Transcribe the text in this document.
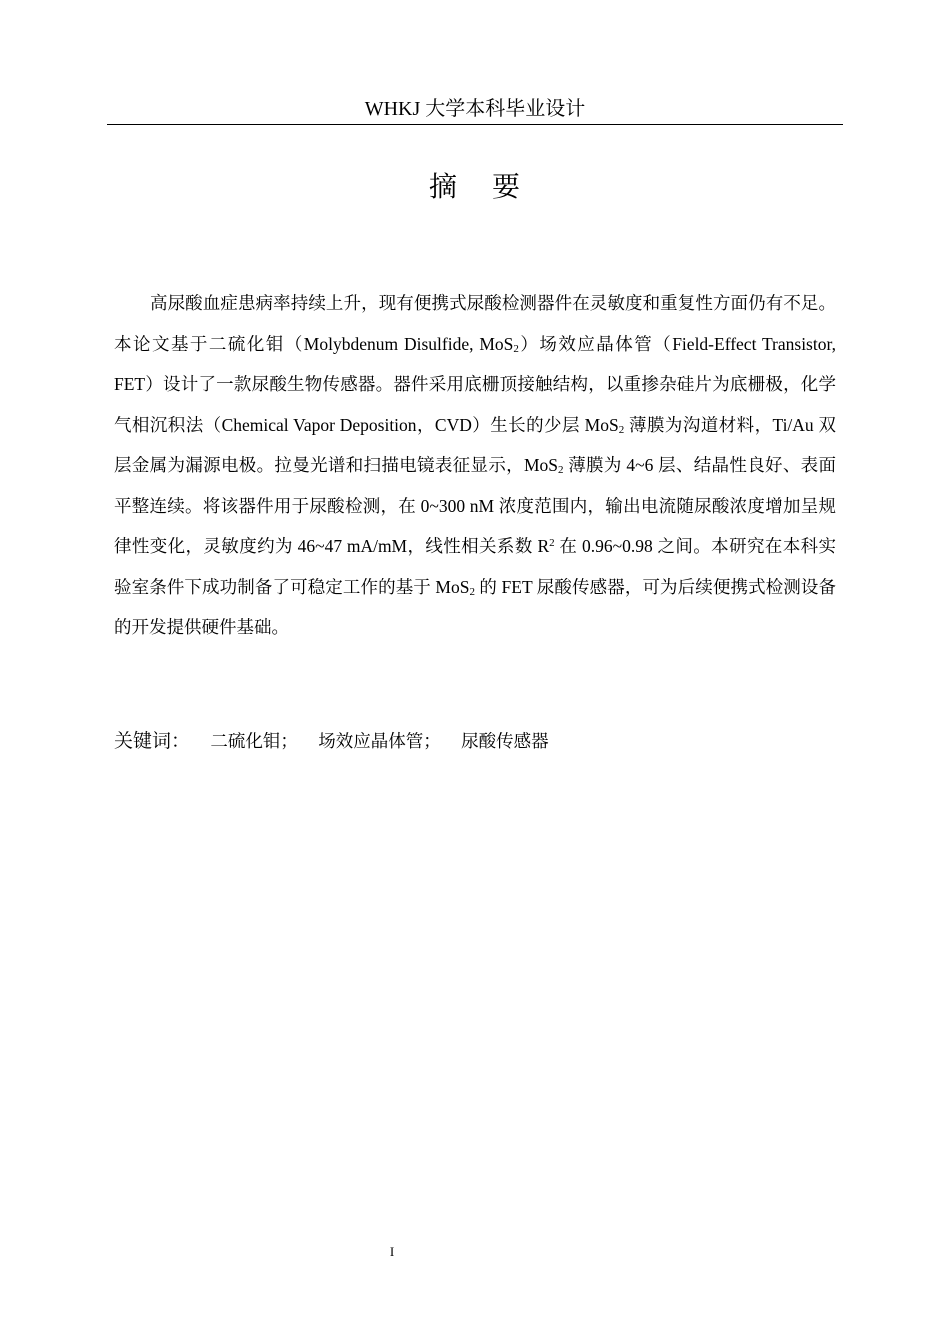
WHKJ 大学本科毕业设计
摘 要

高尿酸血症患病率持续上升，现有便携式尿酸检测器件在灵敏度和重复性方面仍有不足。本论文基于二硫化钼（Molybdenum Disulfide, MoS$_2$）场效应晶体管（Field-Effect Transistor, FET）设计了一款尿酸生物传感器。器件采用底栅顶接触结构，以重掺杂硅片为底栅极，化学气相沉积法（Chemical Vapor Deposition，CVD）生长的少层 MoS$_2$ 薄膜为沟道材料，Ti/Au 双层金属为漏源电极。拉曼光谱和扫描电镜表征显示，MoS$_2$ 薄膜为 4~6 层、结晶性良好、表面平整连续。将该器件用于尿酸检测，在 0~300 nM 浓度范围内，输出电流随尿酸浓度增加呈规律性变化，灵敏度约为 46~47 mA/mM，线性相关系数 $R^2$ 在 0.96~0.98 之间。本研究在本科实验室条件下成功制备了可稳定工作的基于 MoS$_2$ 的 FET 尿酸传感器，可为后续便携式检测设备的开发提供硬件基础。

关键词： 二硫化钼； 场效应晶体管； 尿酸传感器
I
